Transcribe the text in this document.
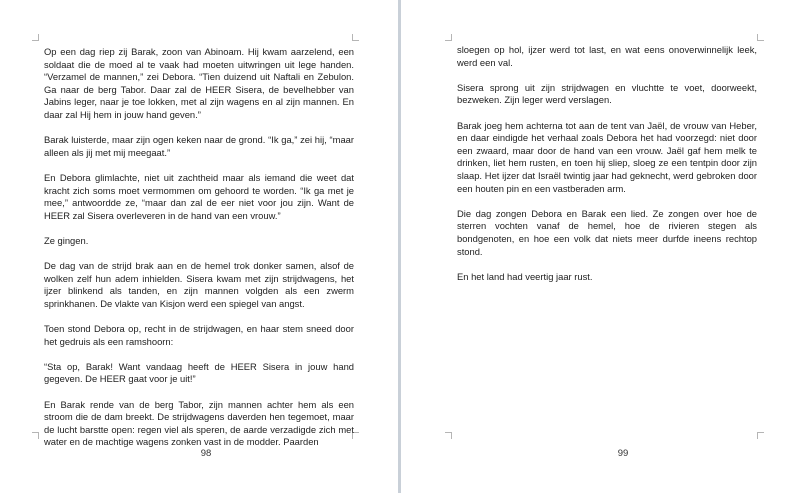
Op een dag riep zij Barak, zoon van Abinoam. Hij kwam aarzelend, een soldaat die de moed al te vaak had moeten uitwringen uit lege handen. “Verzamel de mannen,” zei Debora. “Tien duizend uit Naftali en Zebulon. Ga naar de berg Tabor. Daar zal de HEER Sisera, de bevelhebber van Jabins leger, naar je toe lokken, met al zijn wagens en al zijn mannen. En daar zal Hij hem in jouw hand geven.”

Barak luisterde, maar zijn ogen keken naar de grond. “Ik ga,” zei hij, “maar alleen als jij met mij meegaat.”

En Debora glimlachte, niet uit zachtheid maar als iemand die weet dat kracht zich soms moet vermommen om gehoord te worden. “Ik ga met je mee,” antwoordde ze, “maar dan zal de eer niet voor jou zijn. Want de HEER zal Sisera overleveren in de hand van een vrouw.”

Ze gingen.

De dag van de strijd brak aan en de hemel trok donker samen, alsof de wolken zelf hun adem inhielden. Sisera kwam met zijn strijdwagens, het ijzer blinkend als tanden, en zijn mannen volgden als een zwerm sprinkhanen. De vlakte van Kisjon werd een spiegel van angst.

Toen stond Debora op, recht in de strijdwagen, en haar stem sneed door het gedruis als een ramshoorn:

“Sta op, Barak! Want vandaag heeft de HEER Sisera in jouw hand gegeven. De HEER gaat voor je uit!”

En Barak rende van de berg Tabor, zijn mannen achter hem als een stroom die de dam breekt. De strijdwagens daverden hen tegemoet, maar de lucht barstte open: regen viel als speren, de aarde verzadigde zich met water en de machtige wagens zonken vast in de modder. Paarden

98

sloegen op hol, ijzer werd tot last, en wat eens onoverwinnelijk leek, werd een val.

Sisera sprong uit zijn strijdwagen en vluchtte te voet, doorweekt, bezweken. Zijn leger werd verslagen.

Barak joeg hem achterna tot aan de tent van Jaël, de vrouw van Heber, en daar eindigde het verhaal zoals Debora het had voorzegd: niet door een zwaard, maar door de hand van een vrouw. Jaël gaf hem melk te drinken, liet hem rusten, en toen hij sliep, sloeg ze een tentpin door zijn slaap. Het ijzer dat Israël twintig jaar had geknecht, werd gebroken door een houten pin en een vastberaden arm.

Die dag zongen Debora en Barak een lied. Ze zongen over hoe de sterren vochten vanaf de hemel, hoe de rivieren stegen als bondgenoten, en hoe een volk dat niets meer durfde ineens rechtop stond.

En het land had veertig jaar rust.

99
